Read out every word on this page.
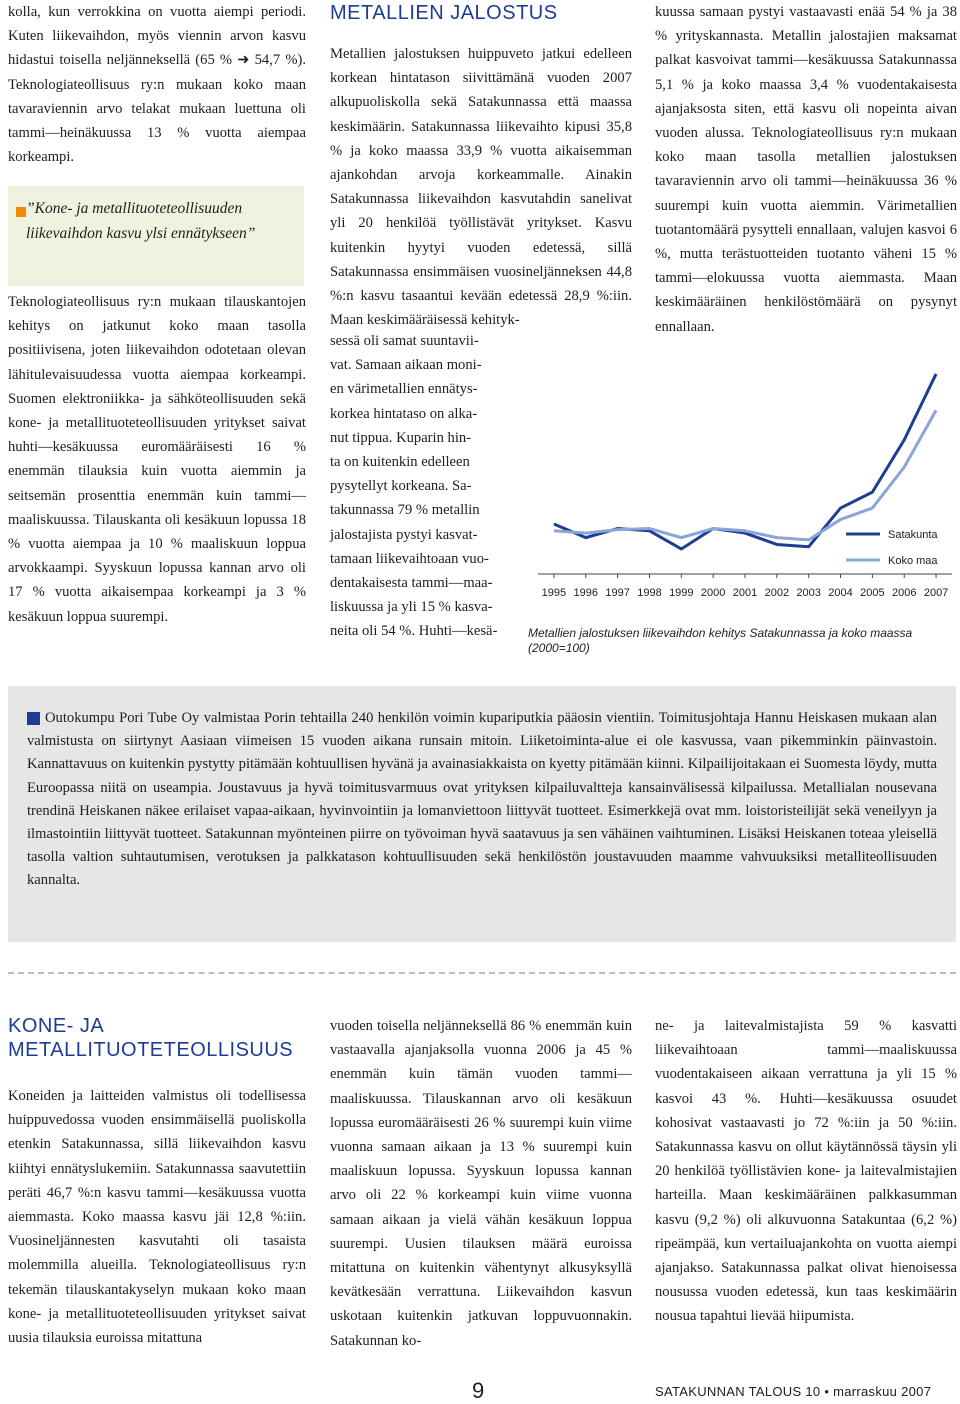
kolla, kun verrokkina on vuotta aiempi periodi. Kuten liikevaihdon, myös viennin arvon kasvu hidastui toisella neljänneksellä (65 % ➜ 54,7 %). Teknologiateollisuus ry:n mukaan koko maan tavaraviennin arvo telakat mukaan luettuna oli tammi—heinäkuussa 13 % vuotta aiempaa korkeampi.

”Kone- ja metallituoteteollisuuden liikevaihdon kasvu ylsi ennätykseen”

Teknologiateollisuus ry:n mukaan tilauskantojen kehitys on jatkunut koko maan tasolla positiivisena, joten liikevaihdon odotetaan olevan lähitulevaisuudessa vuotta aiempaa korkeampi. Suomen elektroniikka- ja sähköteollisuuden sekä kone- ja metallituoteteollisuuden yritykset saivat huhti—kesäkuussa euromääräisesti 16 % enemmän tilauksia kuin vuotta aiemmin ja seitsemän prosenttia enemmän kuin tammi—maaliskuussa. Tilauskanta oli kesäkuun lopussa 18 % vuotta aiempaa ja 10 % maaliskuun loppua arvokkaampi. Syyskuun lopussa kannan arvo oli 17 % vuotta aikaisempaa korkeampi ja 3 % kesäkuun loppua suurempi.

METALLIEN JALOSTUS

Metallien jalostuksen huippuveto jatkui edelleen korkean hintatason siivittämänä vuoden 2007 alkupuoliskolla sekä Satakunnassa että maassa keskimäärin. Satakunnassa liikevaihto kipusi 35,8 % ja koko maassa 33,9 % vuotta aikaisemman ajankohdan arvoja korkeammalle. Ainakin Satakunnassa liikevaihdon kasvutahdin sanelivat yli 20 henkilöä työllistävät yritykset. Kasvu kuitenkin hyytyi vuoden edetessä, sillä Satakunnassa ensimmäisen vuosineljänneksen 44,8 %:n kasvu tasaantui kevään edetessä 28,9 %:iin. Maan keskimääräisessä kehityk-

sessä oli samat suuntavii-
vat. Samaan aikaan moni-
en värimetallien ennätys-
korkea hintataso on alka-
nut tippua. Kuparin hin-
ta on kuitenkin edelleen
pysytellyt korkeana. Sa-
takunnassa 79 % metallin
jalostajista pystyi kasvat-
tamaan liikevaihtoaan vuo-
dentakaisesta tammi—maa-
liskuussa ja yli 15 % kasva-
neita oli 54 %. Huhti—kesä-
1995 1996 1997 1998 1999 2000 2001 2002 2003 2004 2005 2006 2007
Satakunta
Koko maa
Metallien jalostuksen liikevaihdon kehitys Satakunnassa ja koko maassa (2000=100)

kuussa samaan pystyi vastaavasti enää 54 % ja 38 % yrityskannasta. Metallin jalostajien maksamat palkat kasvoivat tammi—kesäkuussa Satakunnassa 5,1 % ja koko maassa 3,4 % vuodentakaisesta ajanjaksosta siten, että kasvu oli nopeinta aivan vuoden alussa. Teknologiateollisuus ry:n mukaan koko maan tasolla metallien jalostuksen tavaraviennin arvo oli tammi—heinäkuussa 36 % suurempi kuin vuotta aiemmin. Värimetallien tuotantomäärä pysytteli ennallaan, valujen kasvoi 6 %, mutta terästuotteiden tuotanto väheni 15 % tammi—elokuussa vuotta aiemmasta. Maan keskimääräinen henkilöstömäärä on pysynyt ennallaan.

Outokumpu Pori Tube Oy valmistaa Porin tehtailla 240 henkilön voimin kupariputkia pääosin vientiin. Toimitusjohtaja Hannu Heiskasen mukaan alan valmistusta on siirtynyt Aasiaan viimeisen 15 vuoden aikana runsain mitoin. Liiketoiminta-alue ei ole kasvussa, vaan pikemminkin päinvastoin. Kannattavuus on kuitenkin pystytty pitämään kohtuullisen hyvänä ja avainasiakkaista on kyetty pitämään kiinni. Kilpailijoitakaan ei Suomesta löydy, mutta Euroopassa niitä on useampia. Joustavuus ja hyvä toimitusvarmuus ovat yrityksen kilpailuvaltteja kansainvälisessä kilpailussa. Metallialan nousevana trendinä Heiskanen näkee erilaiset vapaa-aikaan, hyvinvointiin ja lomanviettoon liittyvät tuotteet. Esimerkkejä ovat mm. loistoristeilijät sekä veneilyyn ja ilmastointiin liittyvät tuotteet. Satakunnan myönteinen piirre on työvoiman hyvä saatavuus ja sen vähäinen vaihtuminen. Lisäksi Heiskanen toteaa yleisellä tasolla valtion suhtautumisen, verotuksen ja palkkatason kohtuullisuuden sekä henkilöstön joustavuuden maamme vahvuuksiksi metalliteollisuuden kannalta.
KONE- JA METALLITUOTETEOLLISUUS
Koneiden ja laitteiden valmistus oli todellisessa huippuvedossa vuoden ensimmäisellä puoliskolla etenkin Satakunnassa, sillä liikevaihdon kasvu kiihtyi ennätyslukemiin. Satakunnassa saavutettiin peräti 46,7 %:n kasvu tammi—kesäkuussa vuotta aiemmasta. Koko maassa kasvu jäi 12,8 %:iin. Vuosineljännesten kasvutahti oli tasaista molemmilla alueilla. Teknologiateollisuus ry:n tekemän tilauskantakyselyn mukaan koko maan kone- ja metallituoteteollisuuden yritykset saivat uusia tilauksia euroissa mitattuna
vuoden toisella neljänneksellä 86 % enemmän kuin vastaavalla ajanjaksolla vuonna 2006 ja 45 % enemmän kuin tämän vuoden tammi—maaliskuussa. Tilauskannan arvo oli kesäkuun lopussa euromääräisesti 26 % suurempi kuin viime vuonna samaan aikaan ja 13 % suurempi kuin maaliskuun lopussa. Syyskuun lopussa kannan arvo oli 22 % korkeampi kuin viime vuonna samaan aikaan ja vielä vähän kesäkuun loppua suurempi. Uusien tilauksen määrä euroissa mitattuna on kuitenkin vähentynyt alkusyksyllä kevätkesään verrattuna. Liikevaihdon kasvun uskotaan kuitenkin jatkuvan loppuvuonnakin. Satakunnan ko-
ne- ja laitevalmistajista 59 % kasvatti liikevaihtoaan tammi—maaliskuussa vuodentakaiseen aikaan verrattuna ja yli 15 % kasvoi 43 %. Huhti—kesäkuussa osuudet kohosivat vastaavasti jo 72 %:iin ja 50 %:iin. Satakunnassa kasvu on ollut käytännössä täysin yli 20 henkilöä työllistävien kone- ja laitevalmistajien harteilla. Maan keskimääräinen palkkasumman kasvu (9,2 %) oli alkuvuonna Satakuntaa (6,2 %) ripeämpää, kun vertailuajankohta on vuotta aiempi ajanjakso. Satakunnassa palkat olivat hienoisessa nousussa vuoden edetessä, kun taas keskimäärin nousua tapahtui lievää hiipumista.
9	SATAKUNNAN TALOUS 10 • marraskuu 2007
